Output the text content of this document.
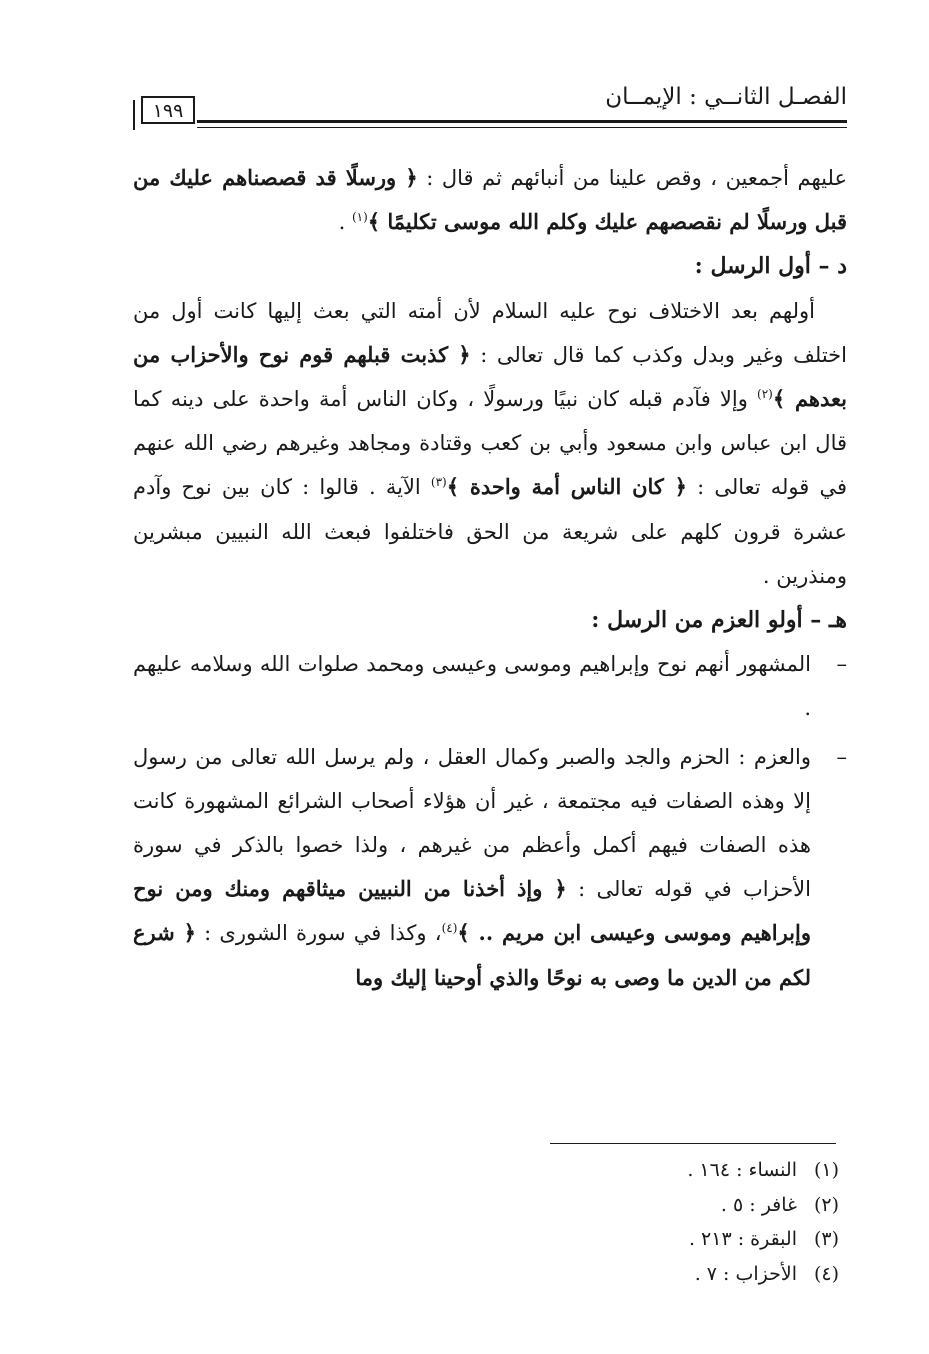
الفصـل الثانــي : الإيمــان
١٩٩

عليهم أجمعين ، وقص علينا من أنبائهم ثم قال : ﴿ ورسلًا قد قصصناهم عليك من قبل ورسلًا لم نقصصهم عليك وكلم الله موسى تكليمًا ﴾$^{(١)}$ .

د – أول الرسل :

أولهم بعد الاختلاف نوح عليه السلام لأن أمته التي بعث إليها كانت أول من اختلف وغير وبدل وكذب كما قال تعالى : ﴿ كذبت قبلهم قوم نوح والأحزاب من بعدهم ﴾$^{(٢)}$ وإلا فآدم قبله كان نبيًا ورسولًا ، وكان الناس أمة واحدة على دينه كما قال ابن عباس وابن مسعود وأبي بن كعب وقتادة ومجاهد وغيرهم رضي الله عنهم في قوله تعالى : ﴿ كان الناس أمة واحدة ﴾$^{(٣)}$ الآية . قالوا : كان بين نوح وآدم عشرة قرون كلهم على شريعة من الحق فاختلفوا فبعث الله النبيين مبشرين ومنذرين .

هـ – أولو العزم من الرسل :

–
المشهور أنهم نوح وإبراهيم وموسى وعيسى ومحمد صلوات الله وسلامه عليهم .

–
والعزم : الحزم والجد والصبر وكمال العقل ، ولم يرسل الله تعالى من رسول إلا وهذه الصفات فيه مجتمعة ، غير أن هؤلاء أصحاب الشرائع المشهورة كانت هذه الصفات فيهم أكمل وأعظم من غيرهم ، ولذا خصوا بالذكر في سورة الأحزاب في قوله تعالى : ﴿ وإذ أخذنا من النبيين ميثاقهم ومنك ومن نوح وإبراهيم وموسى وعيسى ابن مريم .. ﴾$^{(٤)}$، وكذا في سورة الشورى : ﴿ شرع لكم من الدين ما وصى به نوحًا والذي أوحينا إليك وما

(١)النساء : ١٦٤ .
(٢)غافر : ٥ .
(٣)البقرة : ٢١٣ .
(٤)الأحزاب : ٧ .
